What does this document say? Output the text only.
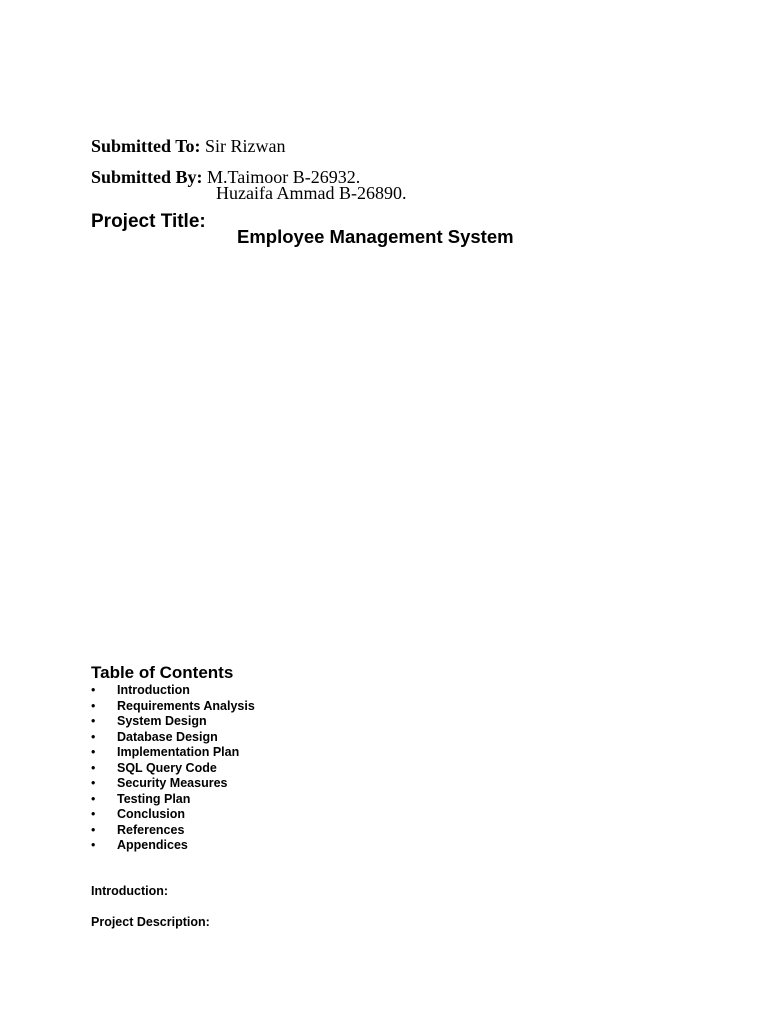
Submitted To: Sir Rizwan
Submitted By: M.Taimoor B-26932.
Huzaifa Ammad B-26890.
Project Title:
Employee Management System
Table of Contents
• Introduction
• Requirements Analysis
• System Design
• Database Design
• Implementation Plan
• SQL Query Code
• Security Measures
• Testing Plan
• Conclusion
• References
• Appendices
Introduction:
Project Description:
